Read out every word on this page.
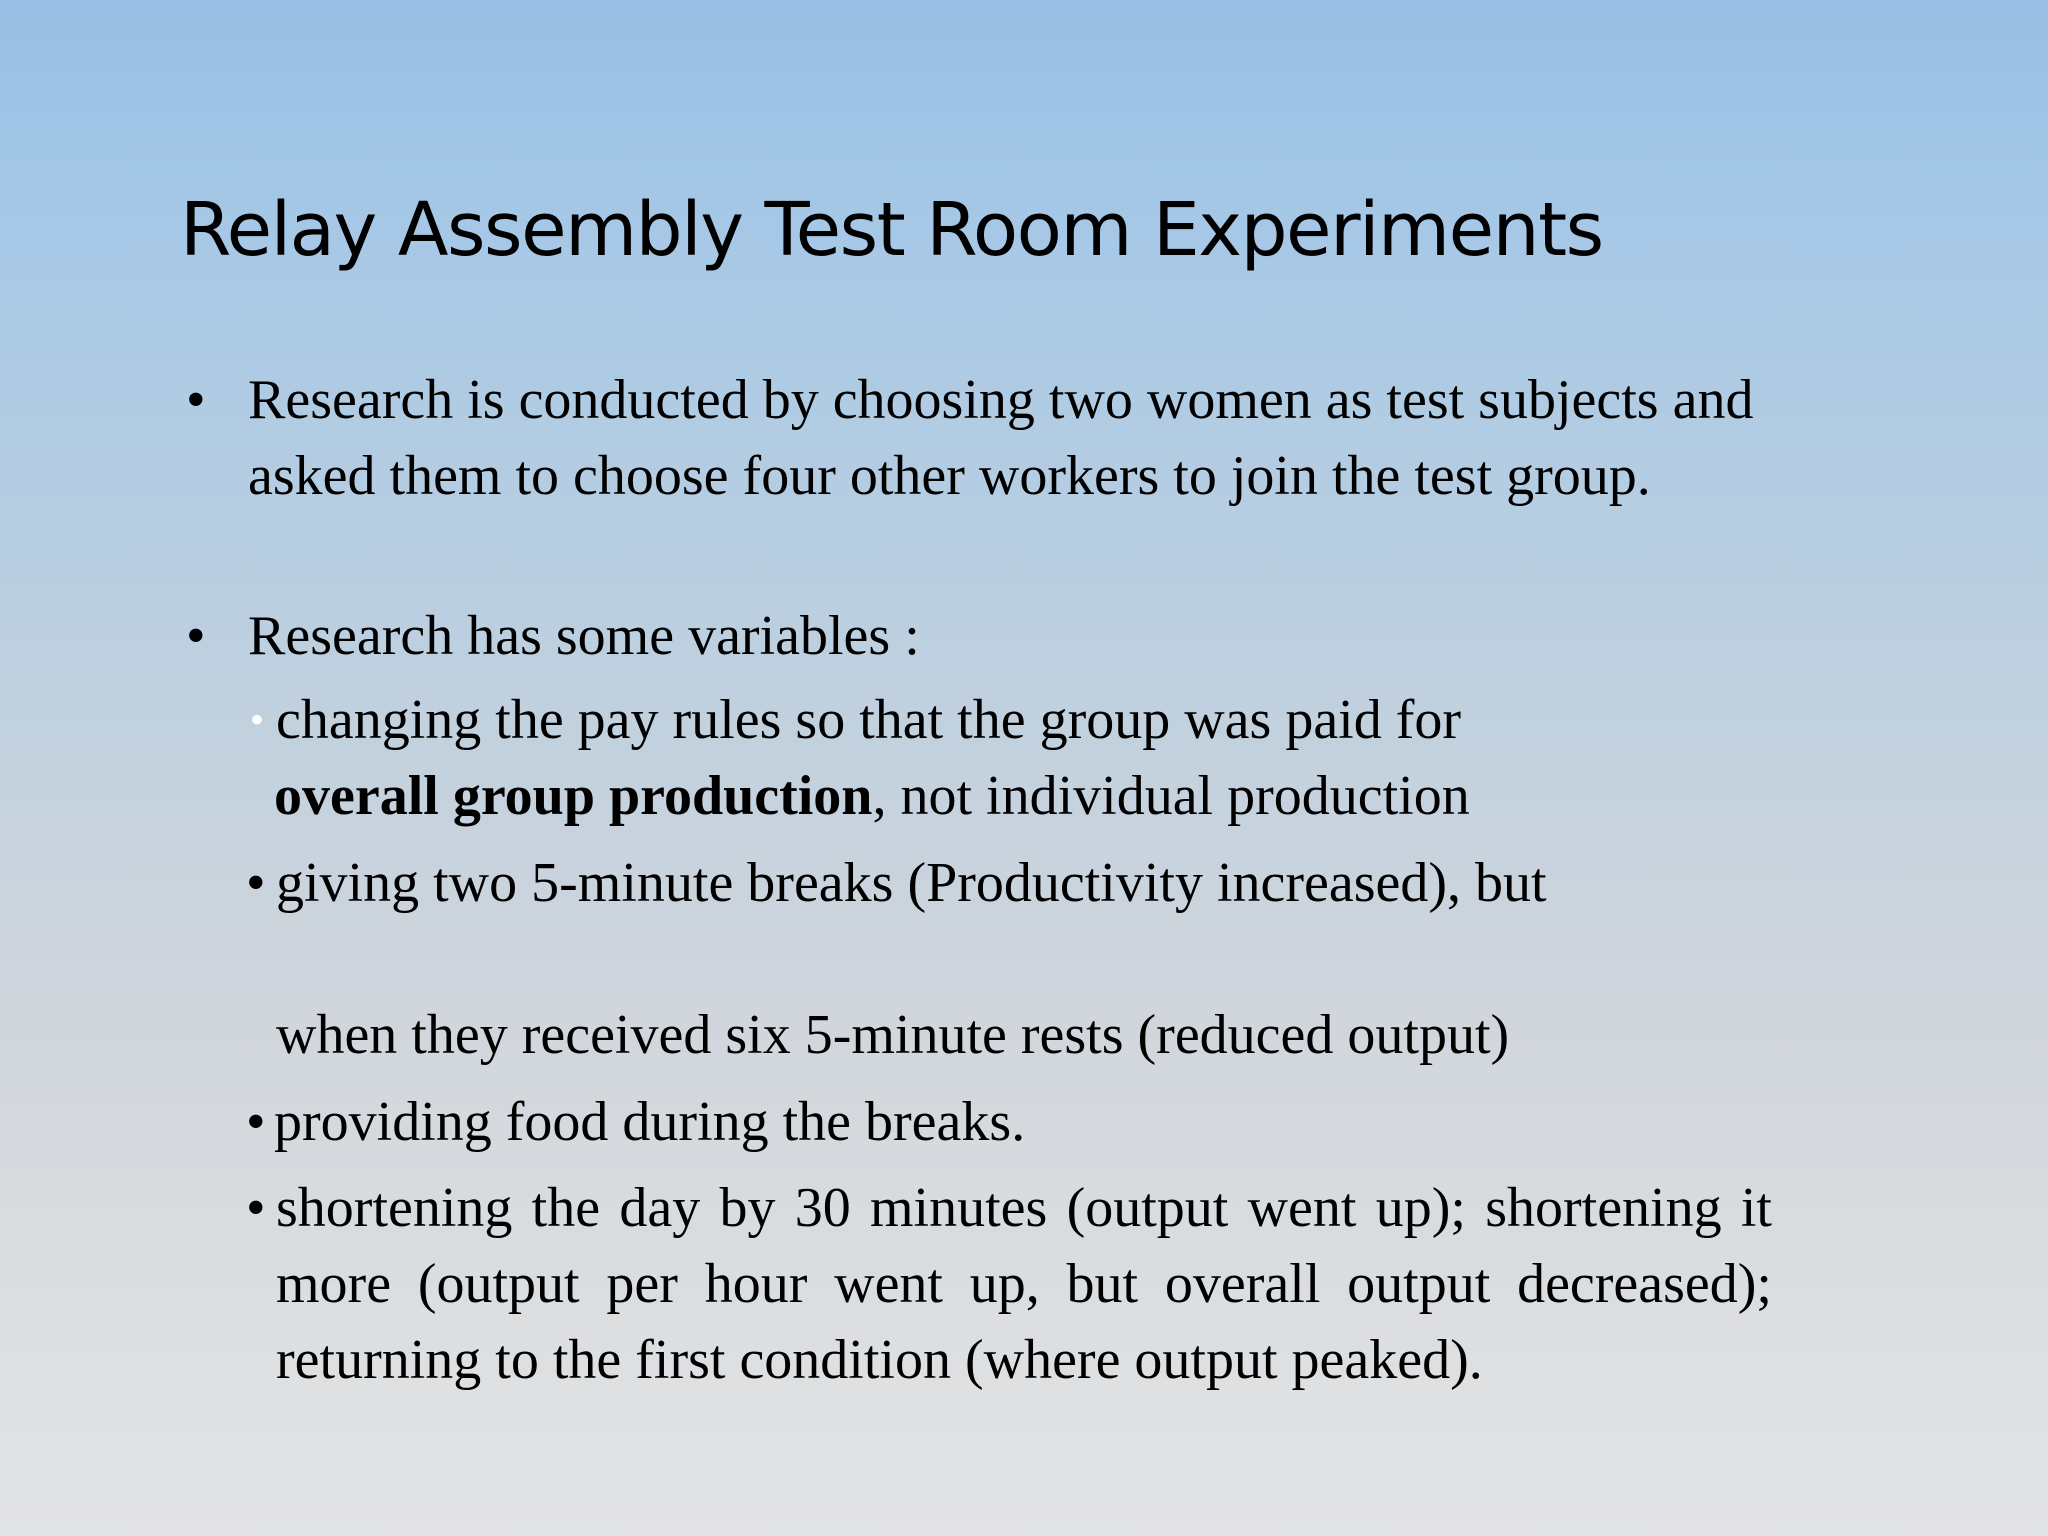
Relay Assembly Test Room Experiments
• Research is conducted by choosing two women as test subjects and asked them to choose four other workers to join the test group.

• Research has some variables :

• changing the pay rules so that the group was paid for
overall group production, not individual production

• giving two 5-minute breaks (Productivity increased), but

when they received six 5-minute rests (reduced output)

• providing food during the breaks.

• shortening the day by 30 minutes (output went up); shortening it more (output per hour went up, but overall output decreased); returning to the first condition (where output peaked).
